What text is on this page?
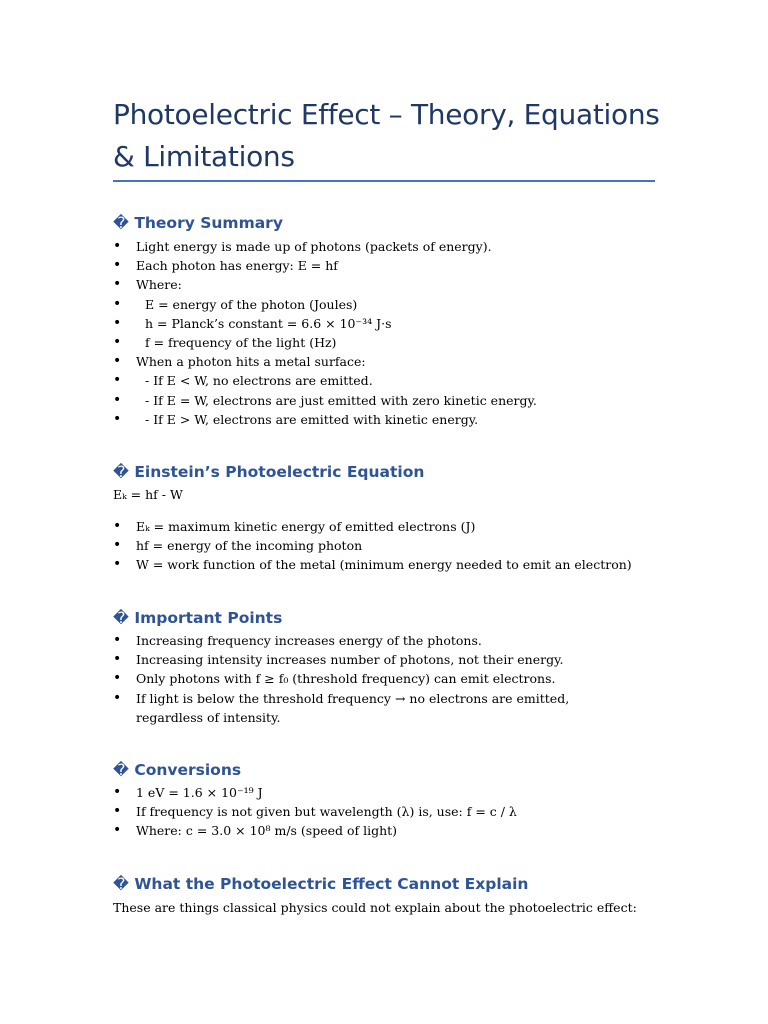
Photoelectric Effect – Theory, Equations & Limitations
� Theory Summary
• Light energy is made up of photons (packets of energy).
• Each photon has energy: E = hf
• Where:
• E = energy of the photon (Joules)
• h = Planck’s constant = 6.6 × 10⁻³⁴ J·s
• f = frequency of the light (Hz)
• When a photon hits a metal surface:
• - If E < W, no electrons are emitted.
• - If E = W, electrons are just emitted with zero kinetic energy.
• - If E > W, electrons are emitted with kinetic energy.
� Einstein’s Photoelectric Equation
Eₖ = hf - W
• Eₖ = maximum kinetic energy of emitted electrons (J)
• hf = energy of the incoming photon
• W = work function of the metal (minimum energy needed to emit an electron)
� Important Points
• Increasing frequency increases energy of the photons.
• Increasing intensity increases number of photons, not their energy.
• Only photons with f ≥ f₀ (threshold frequency) can emit electrons.
• If light is below the threshold frequency → no electrons are emitted, regardless of intensity.
� Conversions
• 1 eV = 1.6 × 10⁻¹⁹ J
• If frequency is not given but wavelength (λ) is, use: f = c / λ
• Where: c = 3.0 × 10⁸ m/s (speed of light)
� What the Photoelectric Effect Cannot Explain
These are things classical physics could not explain about the photoelectric effect:
